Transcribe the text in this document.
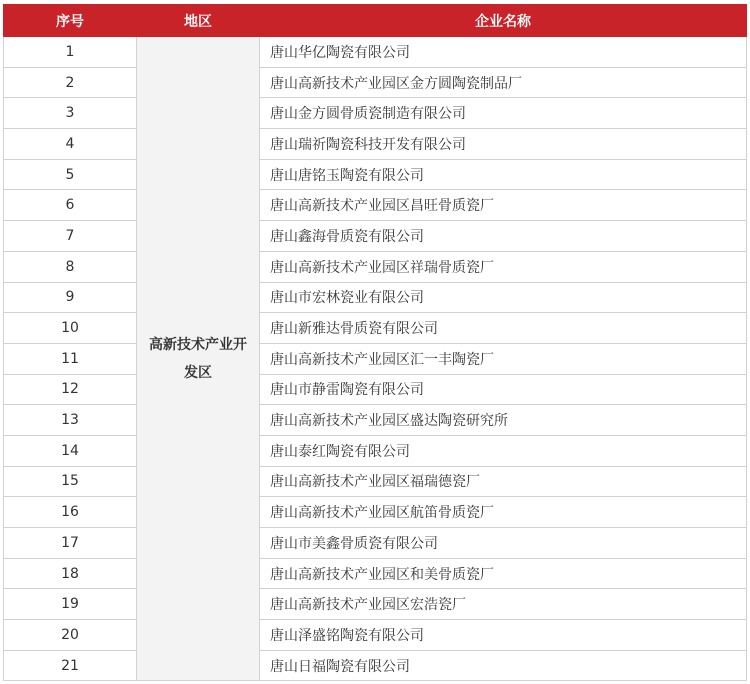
序号	地区	企业名称
1	高新技术产业开发区	唐山华亿陶瓷有限公司
2		唐山高新技术产业园区金方圆陶瓷制品厂
3		唐山金方圆骨质瓷制造有限公司
4		唐山瑞祈陶瓷科技开发有限公司
5		唐山唐铭玉陶瓷有限公司
6		唐山高新技术产业园区昌旺骨质瓷厂
7		唐山鑫海骨质瓷有限公司
8		唐山高新技术产业园区祥瑞骨质瓷厂
9		唐山市宏林瓷业有限公司
10		唐山新雅达骨质瓷有限公司
11		唐山高新技术产业园区汇一丰陶瓷厂
12		唐山市静雷陶瓷有限公司
13		唐山高新技术产业园区盛达陶瓷研究所
14		唐山泰红陶瓷有限公司
15		唐山高新技术产业园区福瑞德瓷厂
16		唐山高新技术产业园区航笛骨质瓷厂
17		唐山市美鑫骨质瓷有限公司
18		唐山高新技术产业园区和美骨质瓷厂
19		唐山高新技术产业园区宏浩瓷厂
20		唐山泽盛铭陶瓷有限公司
21		唐山日福陶瓷有限公司
